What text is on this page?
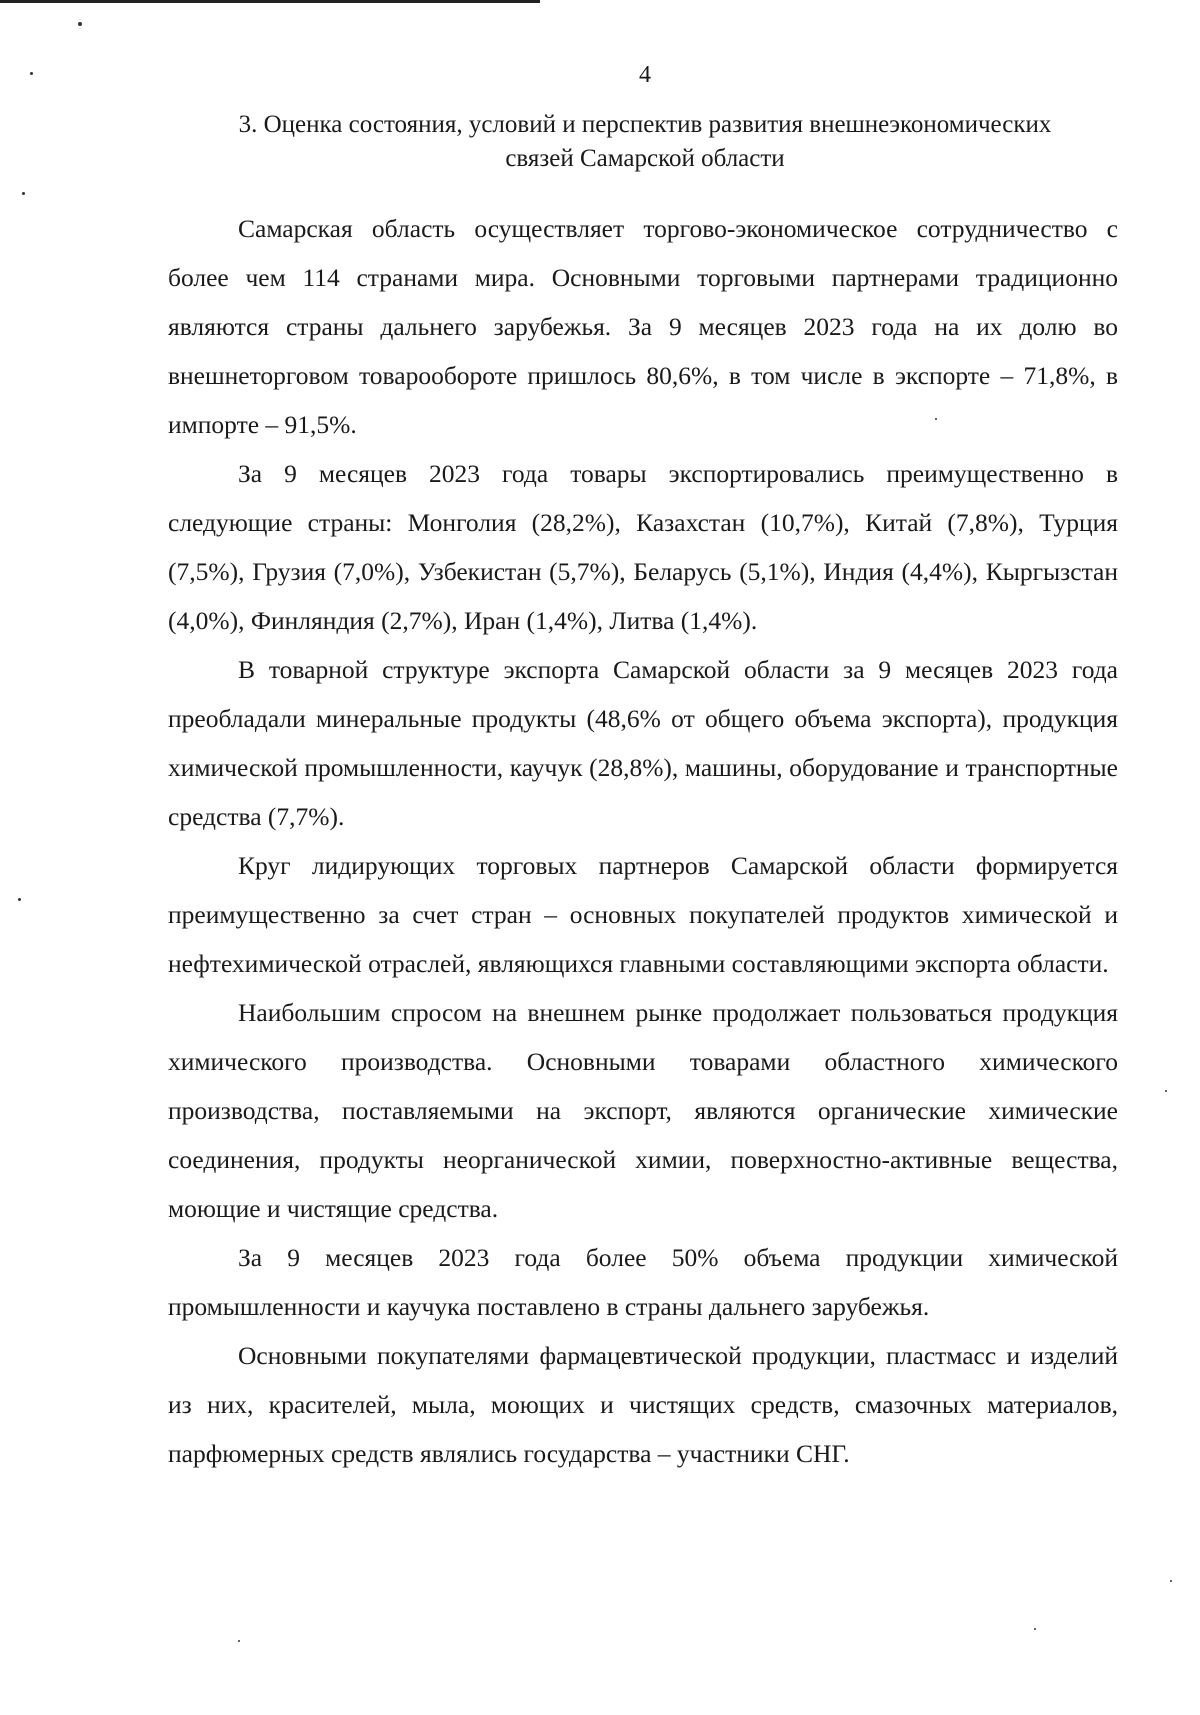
4
3. Оценка состояния, условий и перспектив развития внешнеэкономических
связей Самарской области

Самарская область осуществляет торгово-экономическое сотрудничество с более чем 114 странами мира. Основными торговыми партнерами традиционно являются страны дальнего зарубежья. За 9 месяцев 2023 года на их долю во внешнеторговом товарообороте пришлось 80,6%, в том числе в экспорте – 71,8%, в импорте – 91,5%.

За 9 месяцев 2023 года товары экспортировались преимущественно в следующие страны: Монголия (28,2%), Казахстан (10,7%), Китай (7,8%), Турция (7,5%), Грузия (7,0%), Узбекистан (5,7%), Беларусь (5,1%), Индия (4,4%), Кыргызстан (4,0%), Финляндия (2,7%), Иран (1,4%), Литва (1,4%).

В товарной структуре экспорта Самарской области за 9 месяцев 2023 года преобладали минеральные продукты (48,6% от общего объема экспорта), продукция химической промышленности, каучук (28,8%), машины, оборудование и транспортные средства (7,7%).

Круг лидирующих торговых партнеров Самарской области формируется преимущественно за счет стран – основных покупателей продуктов химической и нефтехимической отраслей, являющихся главными составляющими экспорта области.

Наибольшим спросом на внешнем рынке продолжает пользоваться продукция химического производства. Основными товарами областного химического производства, поставляемыми на экспорт, являются органические химические соединения, продукты неорганической химии, поверхностно-активные вещества, моющие и чистящие средства.

За 9 месяцев 2023 года более 50% объема продукции химической промышленности и каучука поставлено в страны дальнего зарубежья.

Основными покупателями фармацевтической продукции, пластмасс и изделий из них, красителей, мыла, моющих и чистящих средств, смазочных материалов, парфюмерных средств являлись государства – участники СНГ.
